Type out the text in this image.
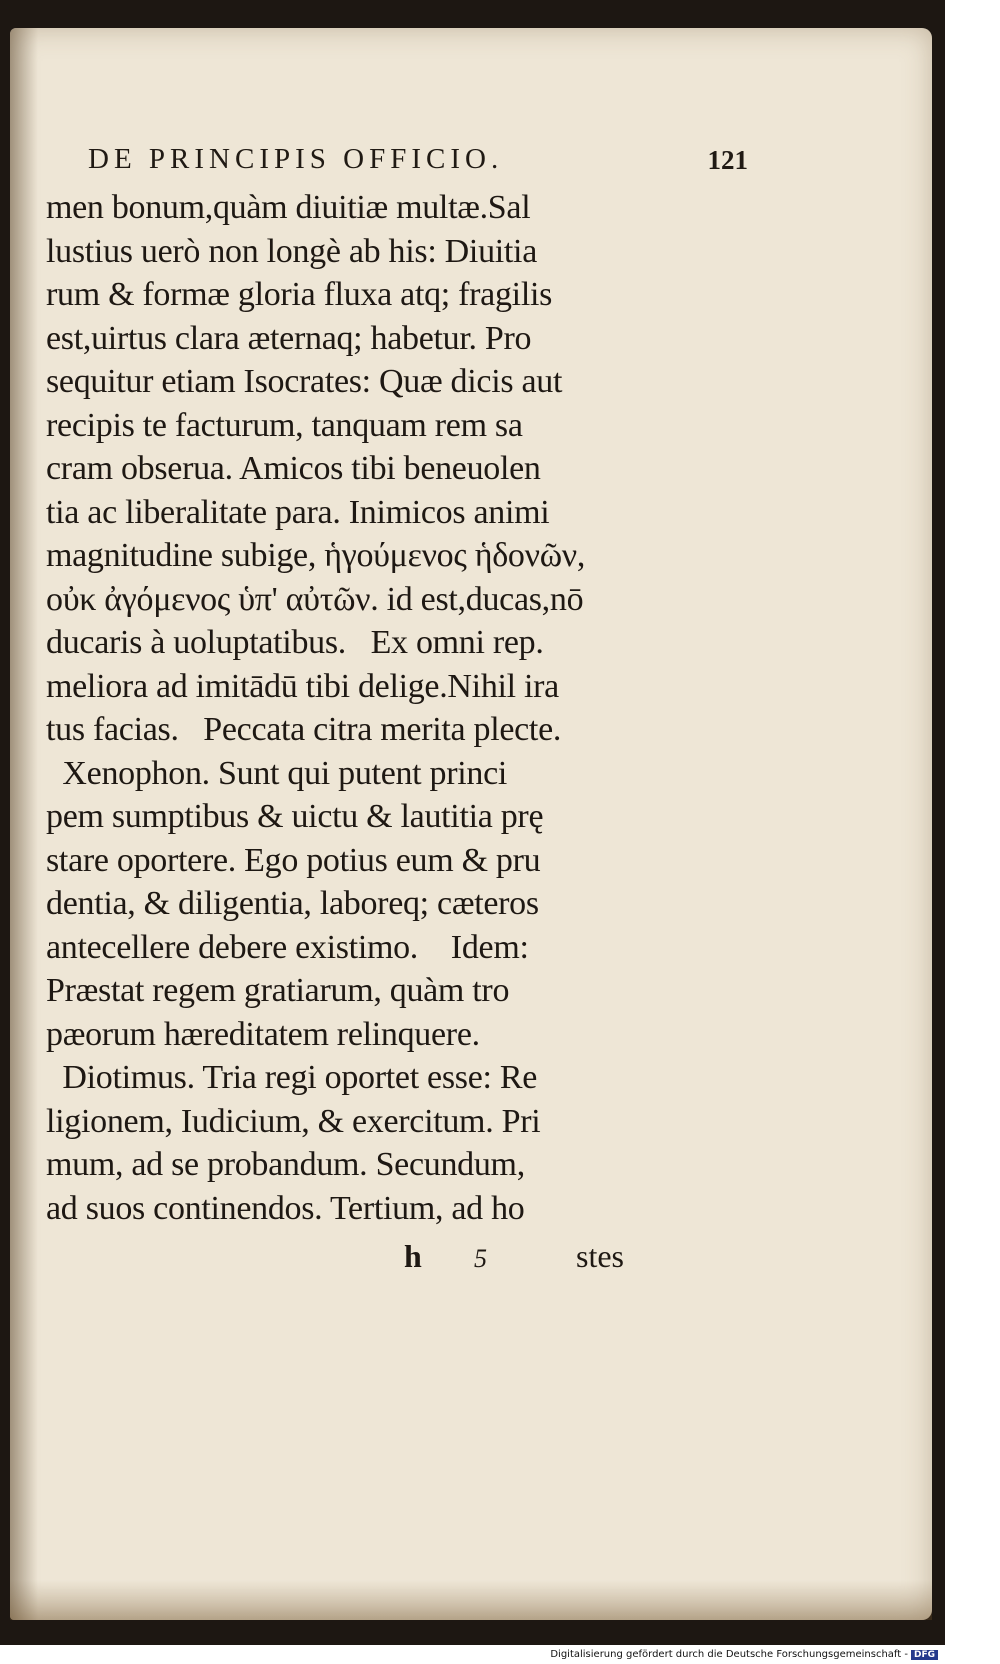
DE PRINCIPIS OFFICIO.	121
men bonum,quàm diuitiæ multæ.Sal
lustius uerò non longè ab his: Diuitia
rum & formæ gloria fluxa atq; fragilis
est,uirtus clara æternaq; habetur. Pro
sequitur etiam Isocrates: Quæ dicis aut
recipis te facturum, tanquam rem sa
cram obserua. Amicos tibi beneuolen
tia ac liberalitate para. Inimicos animi
magnitudine subige, ἡγούμενος ἡδονῶν,
οὐκ ἀγόμενος ὑπ' αὐτῶν. id est,ducas,nō
ducaris à uoluptatibus.   Ex omni rep.
meliora ad imitādū tibi delige.Nihil ira
tus facias.   Peccata citra merita plecte.
Xenophon. Sunt qui putent princi
pem sumptibus & uictu & lautitia prę
stare oportere. Ego potius eum & pru
dentia, & diligentia, laboreq; cæteros
antecellere debere existimo.    Idem:
Præstat regem gratiarum, quàm tro
pæorum hæreditatem relinquere.
Diotimus. Tria regi oportet esse: Re
ligionem, Iudicium, & exercitum. Pri
mum, ad se probandum. Secundum,
ad suos continendos. Tertium, ad ho
h 5	stes
Digitalisierung gefördert durch die Deutsche Forschungsgemeinschaft - DFG
